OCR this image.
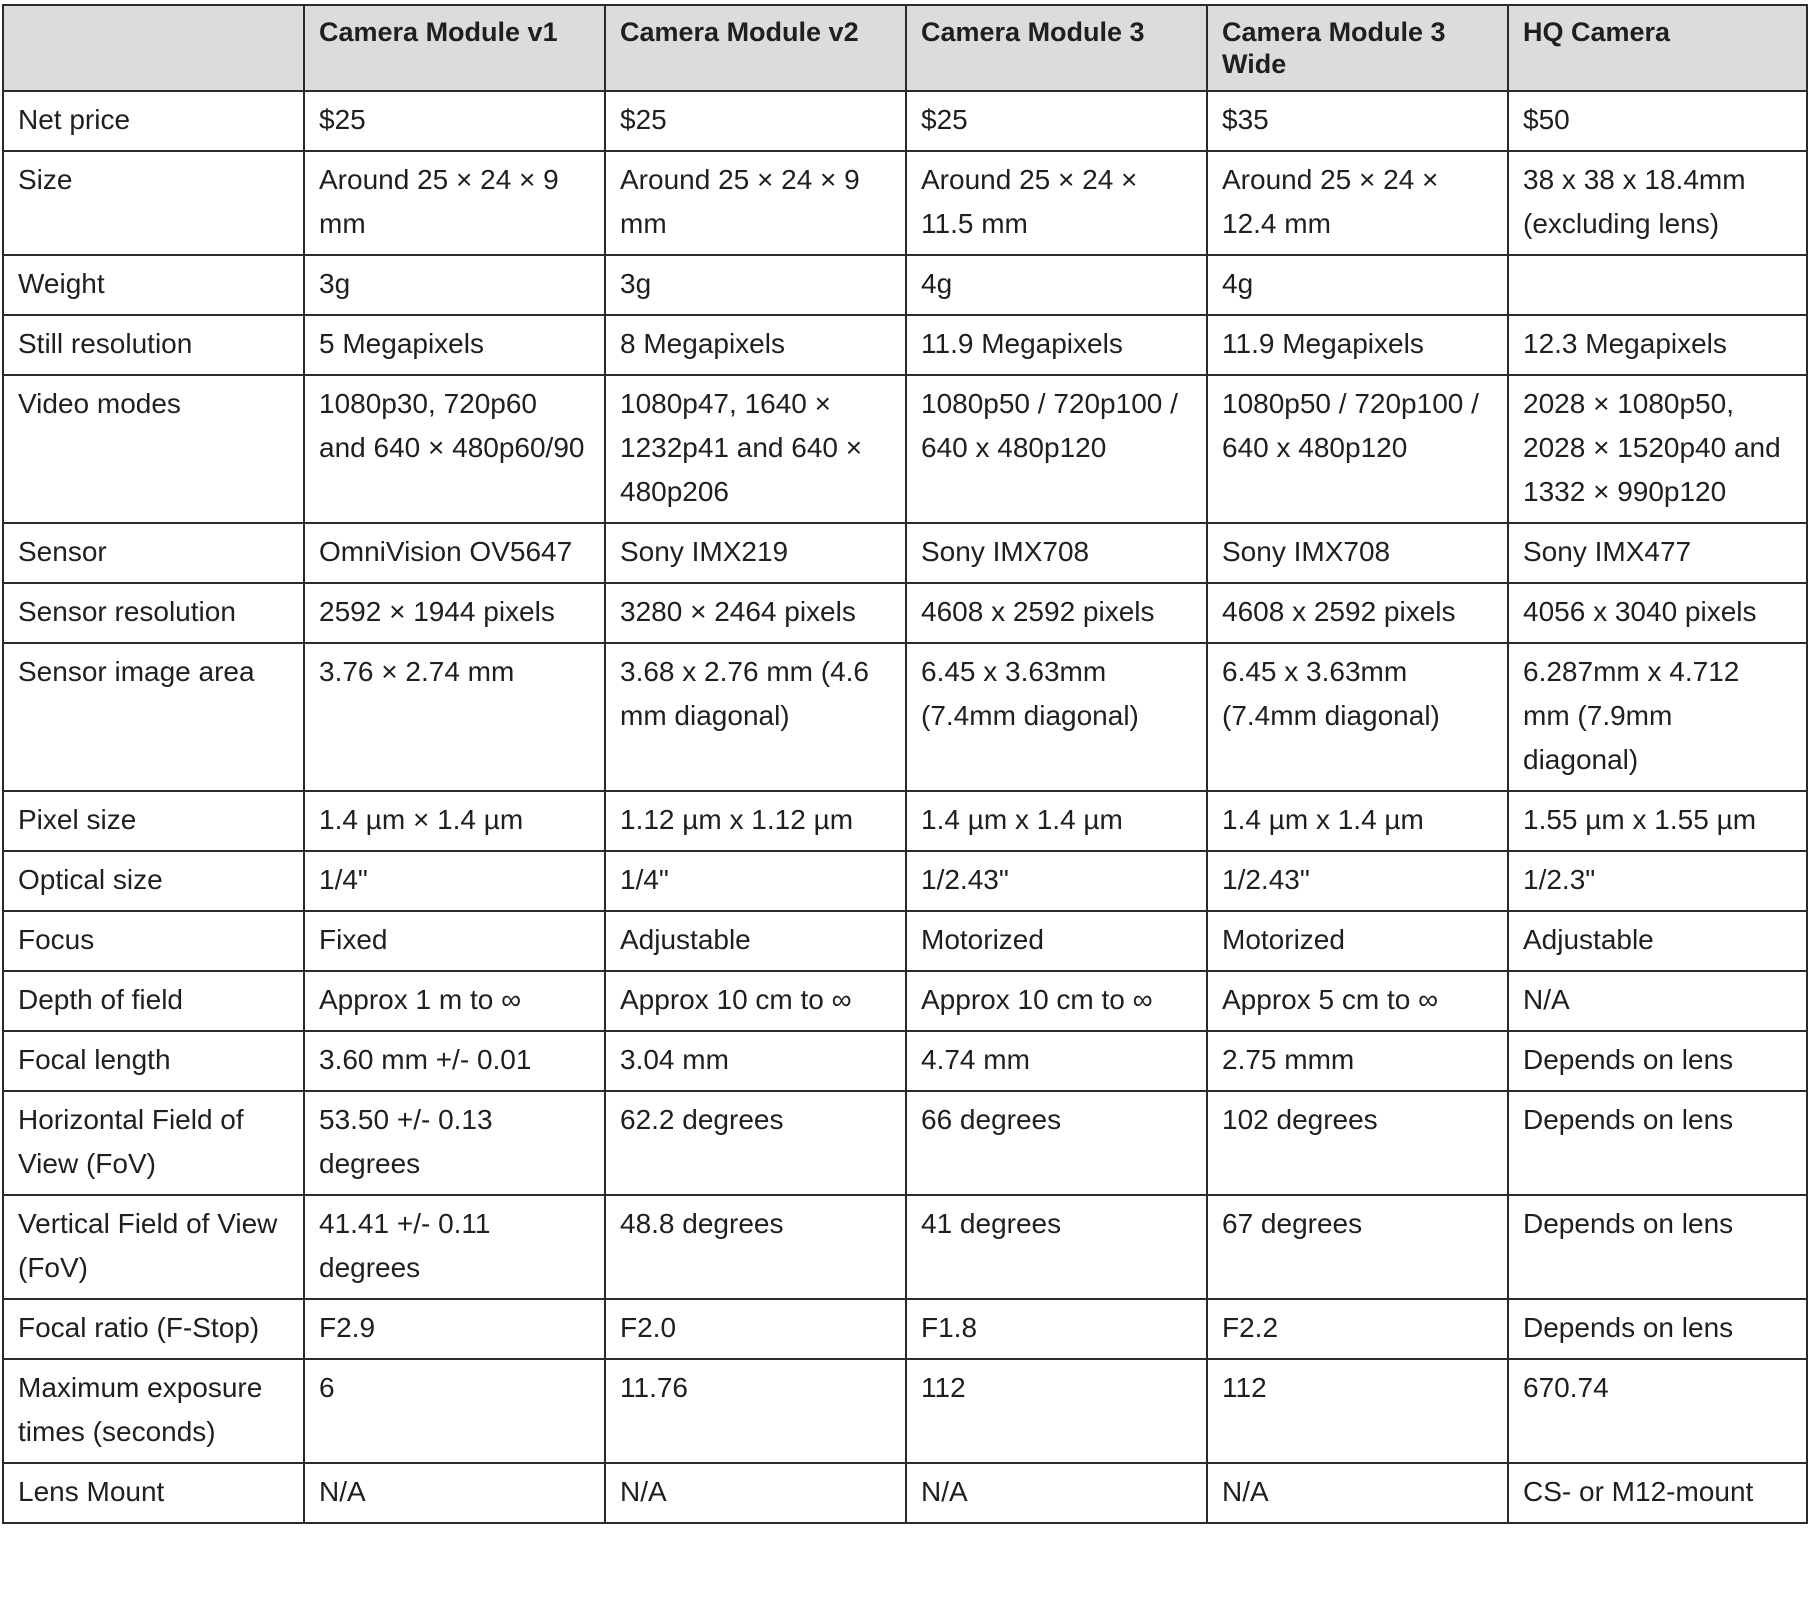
	Camera Module v1	Camera Module v2	Camera Module 3	Camera Module 3 Wide	HQ Camera
Net price	$25	$25	$25	$35	$50
Size	Around 25 × 24 × 9 mm	Around 25 × 24 × 9 mm	Around 25 × 24 × 11.5 mm	Around 25 × 24 × 12.4 mm	38 x 38 x 18.4mm (excluding lens)
Weight	3g	3g	4g	4g	
Still resolution	5 Megapixels	8 Megapixels	11.9 Megapixels	11.9 Megapixels	12.3 Megapixels
Video modes	1080p30, 720p60 and 640 × 480p60/90	1080p47, 1640 × 1232p41 and 640 × 480p206	1080p50 / 720p100 / 640 x 480p120	1080p50 / 720p100 / 640 x 480p120	2028 × 1080p50, 2028 × 1520p40 and 1332 × 990p120
Sensor	OmniVision OV5647	Sony IMX219	Sony IMX708	Sony IMX708	Sony IMX477
Sensor resolution	2592 × 1944 pixels	3280 × 2464 pixels	4608 x 2592 pixels	4608 x 2592 pixels	4056 x 3040 pixels
Sensor image area	3.76 × 2.74 mm	3.68 x 2.76 mm (4.6 mm diagonal)	6.45 x 3.63mm (7.4mm diagonal)	6.45 x 3.63mm (7.4mm diagonal)	6.287mm x 4.712 mm (7.9mm diagonal)
Pixel size	1.4 µm × 1.4 µm	1.12 µm x 1.12 µm	1.4 µm x 1.4 µm	1.4 µm x 1.4 µm	1.55 µm x 1.55 µm
Optical size	1/4"	1/4"	1/2.43"	1/2.43"	1/2.3"
Focus	Fixed	Adjustable	Motorized	Motorized	Adjustable
Depth of field	Approx 1 m to ∞	Approx 10 cm to ∞	Approx 10 cm to ∞	Approx 5 cm to ∞	N/A
Focal length	3.60 mm +/- 0.01	3.04 mm	4.74 mm	2.75 mmm	Depends on lens
Horizontal Field of View (FoV)	53.50 +/- 0.13 degrees	62.2 degrees	66 degrees	102 degrees	Depends on lens
Vertical Field of View (FoV)	41.41 +/- 0.11 degrees	48.8 degrees	41 degrees	67 degrees	Depends on lens
Focal ratio (F-Stop)	F2.9	F2.0	F1.8	F2.2	Depends on lens
Maximum exposure times (seconds)	6	11.76	112	112	670.74
Lens Mount	N/A	N/A	N/A	N/A	CS- or M12-mount
